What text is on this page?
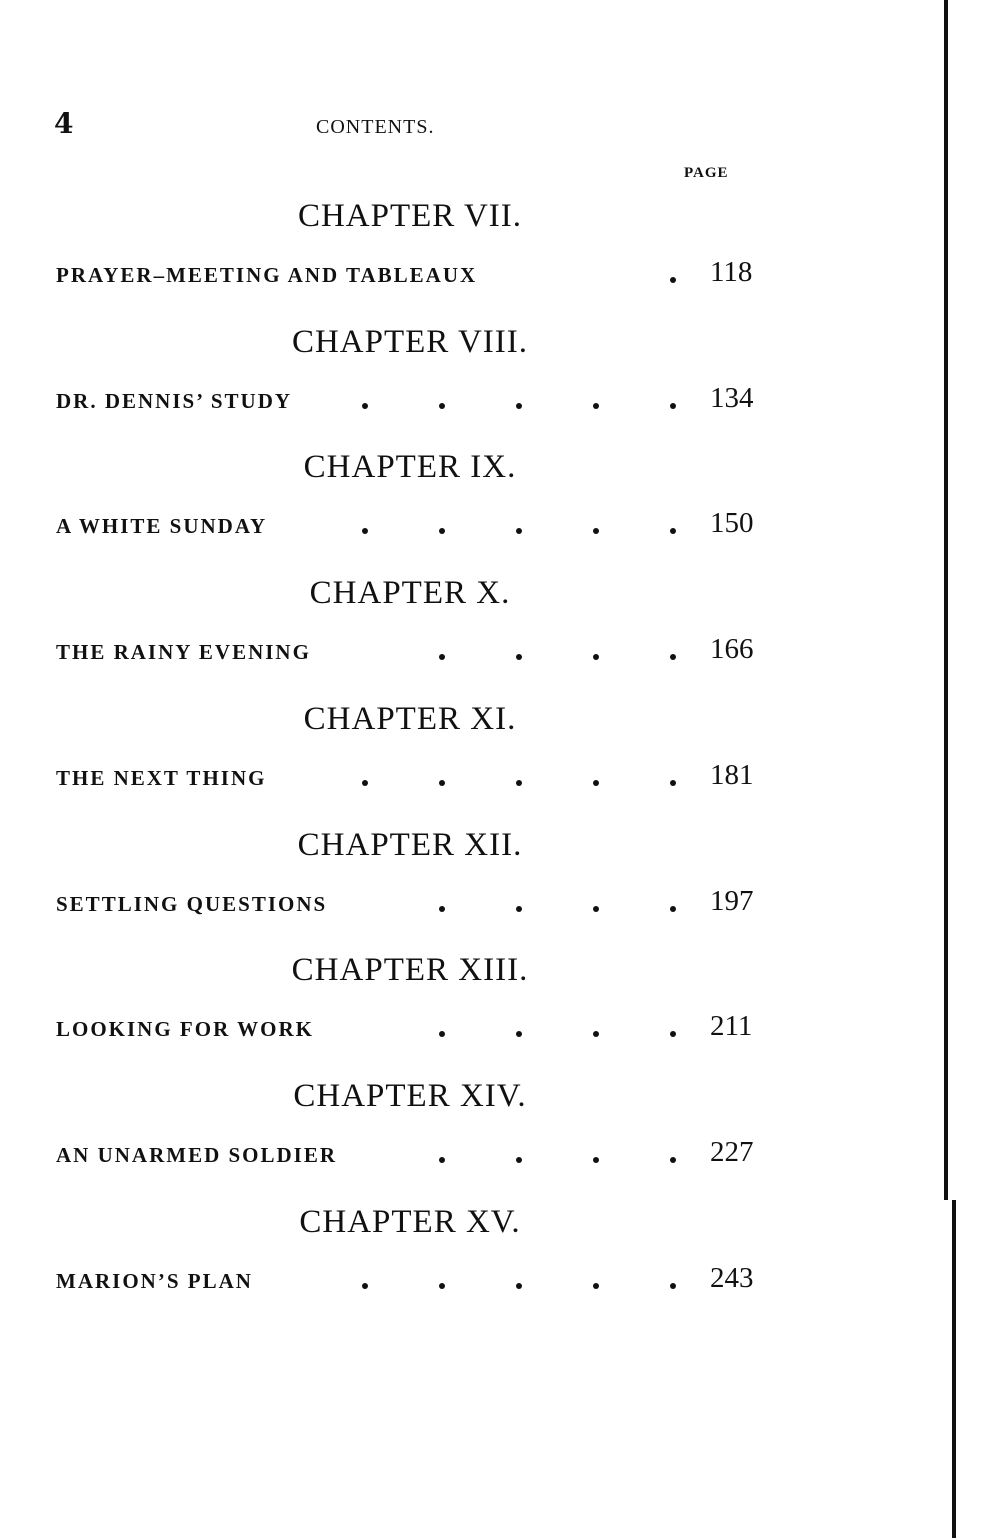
4	CONTENTS.
PAGE
CHAPTER VII.
PRAYER–MEETING AND TABLEAUX	118
CHAPTER VIII.
DR. DENNIS’ STUDY	134
CHAPTER IX.
A WHITE SUNDAY	150
CHAPTER X.
THE RAINY EVENING	166
CHAPTER XI.
THE NEXT THING	181
CHAPTER XII.
SETTLING QUESTIONS	197
CHAPTER XIII.
LOOKING FOR WORK	211
CHAPTER XIV.
AN UNARMED SOLDIER	227
CHAPTER XV.
MARION’S PLAN	243
